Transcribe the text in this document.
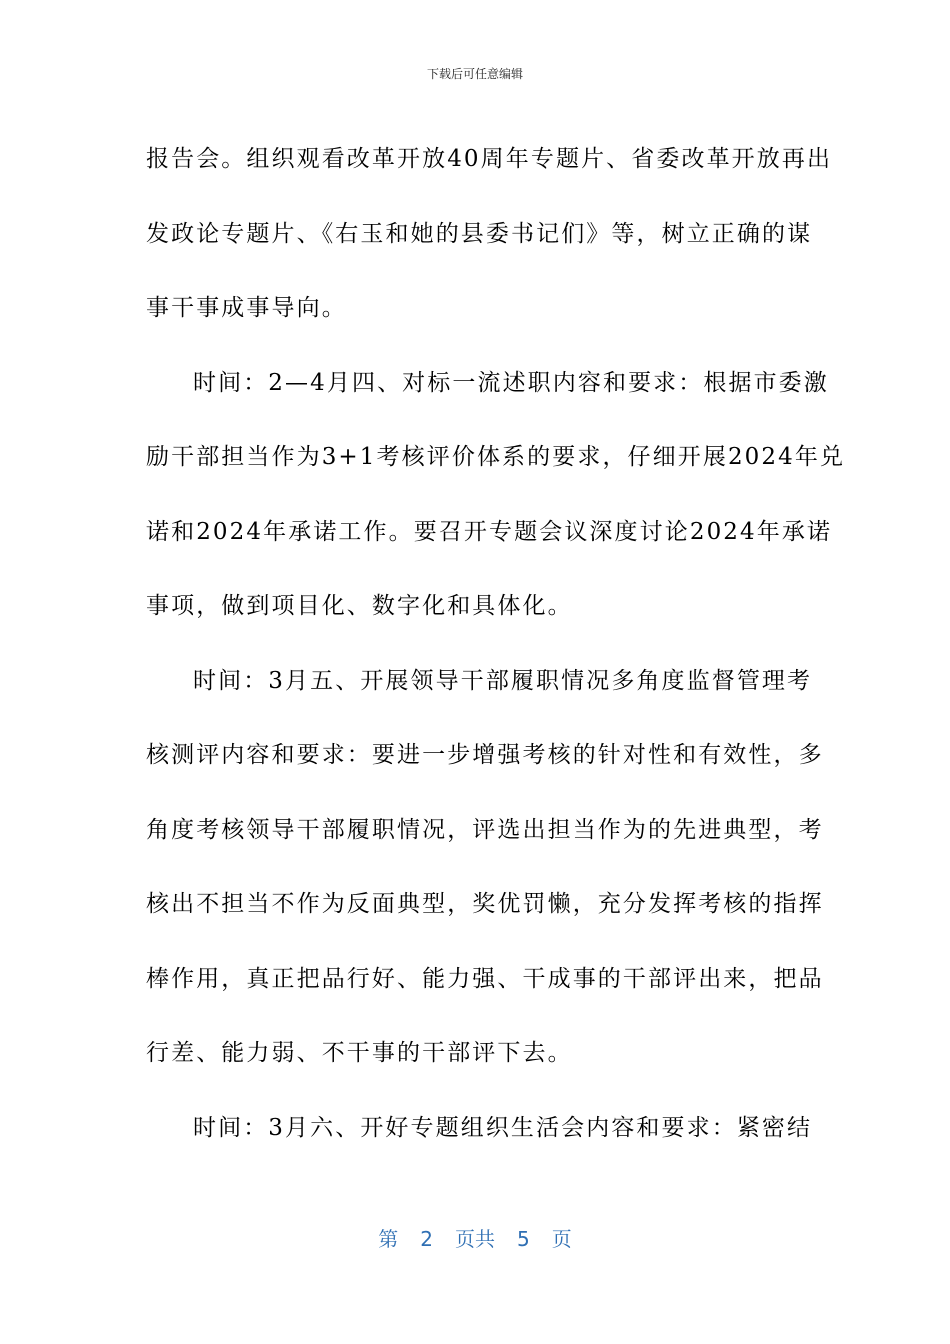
下载后可任意编辑
报告会。组织观看改革开放40周年专题片、省委改革开放再出
发政论专题片、《右玉和她的县委书记们》等，树立正确的谋
事干事成事导向。
时间：2—4月四、对标一流述职内容和要求：根据市委激
励干部担当作为3+1考核评价体系的要求，仔细开展2024年兑
诺和2024年承诺工作。要召开专题会议深度讨论2024年承诺
事项，做到项目化、数字化和具体化。
时间：3月五、开展领导干部履职情况多角度监督管理考
核测评内容和要求：要进一步增强考核的针对性和有效性，多
角度考核领导干部履职情况，评选出担当作为的先进典型，考
核出不担当不作为反面典型，奖优罚懒，充分发挥考核的指挥
棒作用，真正把品行好、能力强、干成事的干部评出来，把品
行差、能力弱、不干事的干部评下去。
时间：3月六、开好专题组织生活会内容和要求：紧密结
第 2 页共 5 页
